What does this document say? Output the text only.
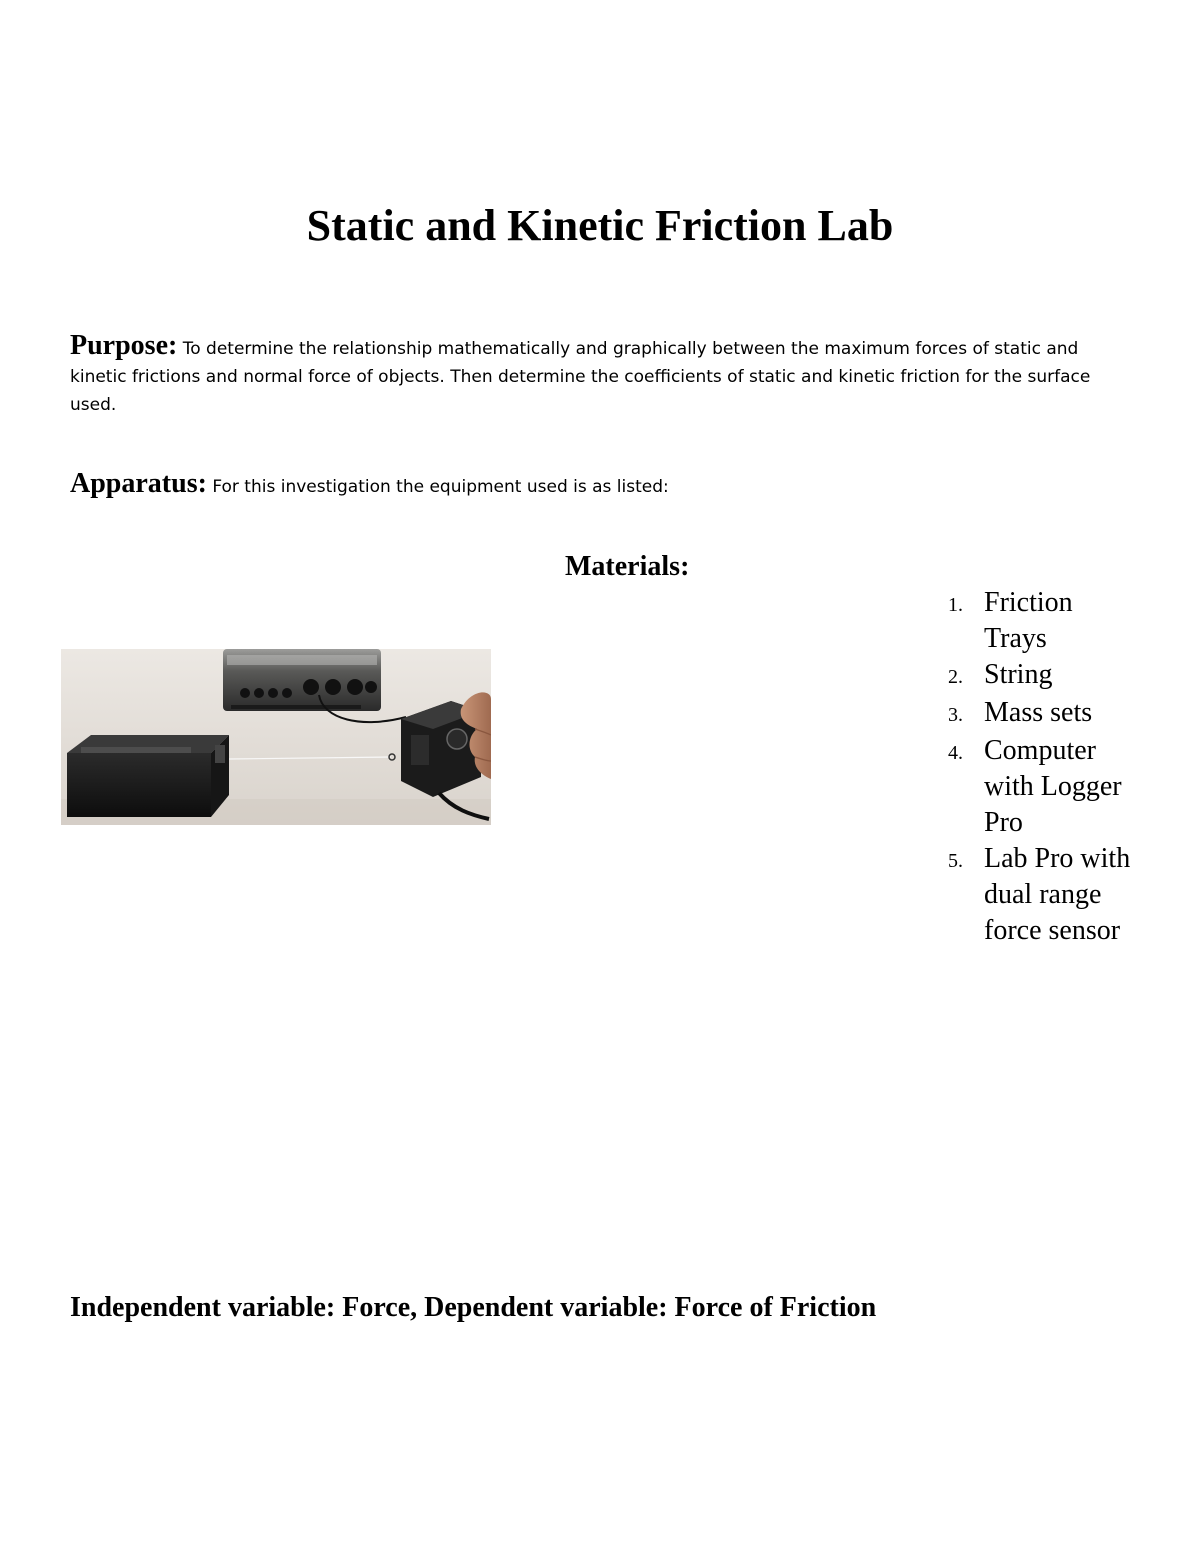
Static and Kinetic Friction Lab

Purpose: To determine the relationship mathematically and graphically between the maximum forces of static and kinetic frictions and normal force of objects. Then determine the coefficients of static and kinetic friction for the surface used.

Apparatus: For this investigation the equipment used is as listed:

Materials:
1. Friction Trays
2. String
3. Mass sets
4. Computer with Logger Pro
5. Lab Pro with dual range force sensor

Independent variable: Force, Dependent variable: Force of Friction
